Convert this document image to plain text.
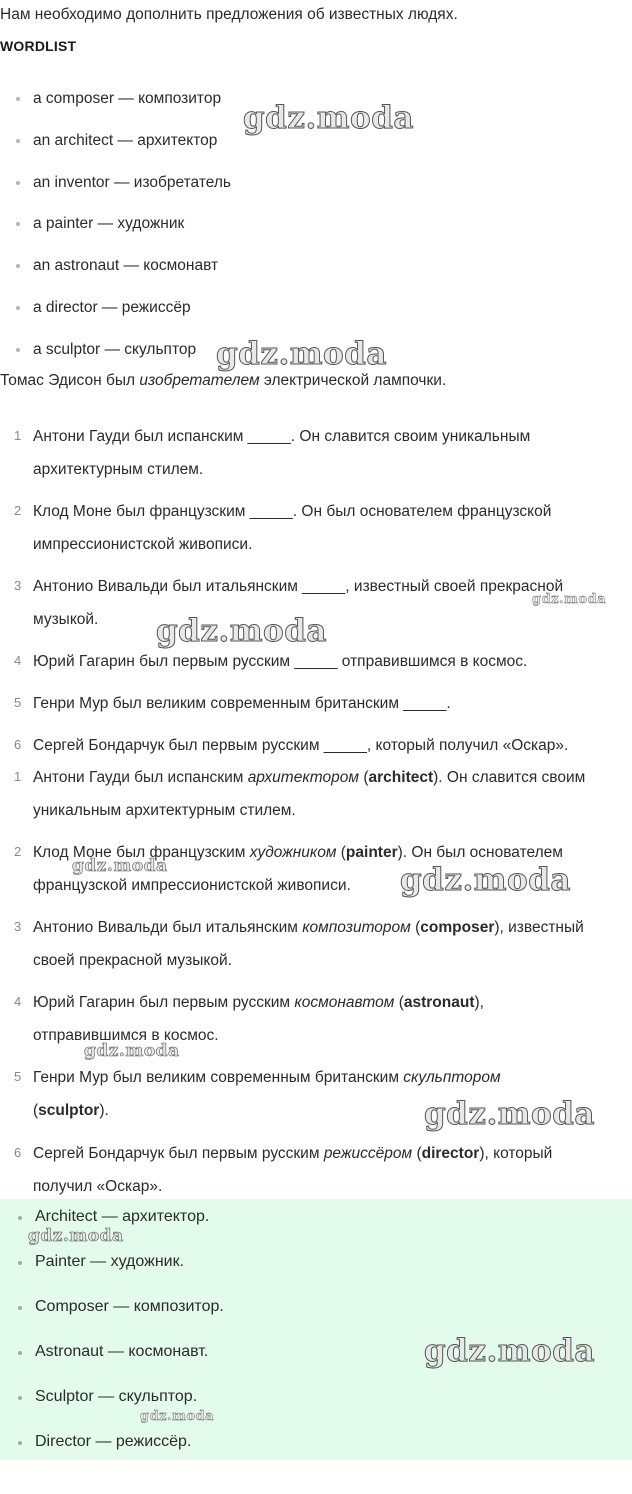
Нам необходимо дополнить предложения об известных людях.
WORDLIST
a composer — композитор
an architect — архитектор
an inventor — изобретатель
a painter — художник
an astronaut — космонавт
a director — режиссёр
a sculptor — скульптор
Томас Эдисон был изобретателем электрической лампочки.
1 Антони Гауди был испанским _____. Он славится своим уникальным
архитектурным стилем.
2 Клод Моне был французским _____. Он был основателем французской
импрессионистской живописи.
3 Антонио Вивальди был итальянским _____, известный своей прекрасной
музыкой.
4 Юрий Гагарин был первым русским _____ отправившимся в космос.
5 Генри Мур был великим современным британским _____.
6 Сергей Бондарчук был первым русским _____, который получил «Оскар».
1 Антони Гауди был испанским архитектором (architect). Он славится своим
уникальным архитектурным стилем.
2 Клод Моне был французским художником (painter). Он был основателем
французской импрессионистской живописи.
3 Антонио Вивальди был итальянским композитором (composer), известный
своей прекрасной музыкой.
4 Юрий Гагарин был первым русским космонавтом (astronaut),
отправившимся в космос.
5 Генри Мур был великим современным британским скульптором
(sculptor).
6 Сергей Бондарчук был первым русским режиссёром (director), который
получил «Оскар».
Architect — архитектор.
Painter — художник.
Composer — композитор.
Astronaut — космонавт.
Sculptor — скульптор.
Director — режиссёр.
gdz.moda
gdz.moda
gdz.moda
gdz.moda
gdz.moda	gdz.moda
gdz.moda
gdz.moda
gdz.moda
gdz.moda
gdz.moda
